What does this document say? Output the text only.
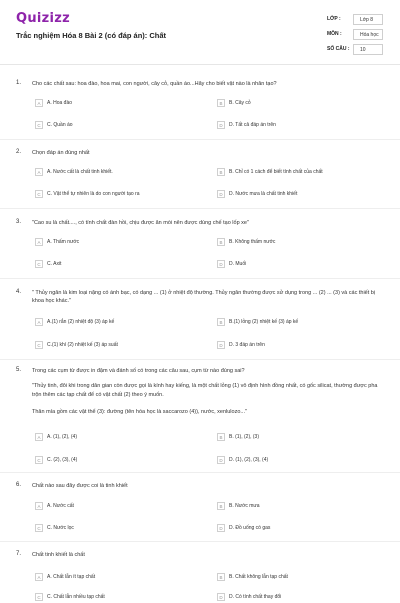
Quizizz
Trắc nghiệm Hóa 8 Bài 2 (có đáp án): Chất
LỚP :	Lớp 8
MÔN :	Hóa học
SỐ CÂU :	10
1. Cho các chất sau: hoa đào, hoa mai, con người, cây cỏ, quần áo...Hãy cho biết vật nào là nhân tạo?
A	A. Hoa đào	B	B. Cây cỏ
C	C. Quần áo	D	D. Tất cả đáp án trên
2. Chọn đáp án đúng nhất
A	A. Nước cất là chất tinh khiết.	B	B. Chỉ có 1 cách để biết tính chất của chất
C	C. Vật thể tự nhiên là do con người tạo ra	D	D. Nước mưa là chất tinh khiết
3. "Cao su là chất...., có tính chất đàn hồi, chịu được ăn mòi nên được dùng chế tạo lốp xe"
A	A. Thấm nước	B	B. Không thấm nước
C	C. Axit	D	D. Muối
4. " Thủy ngân là kim loại nặng có ánh bạc, có dạng ... (1) ở nhiệt độ thường. Thủy ngân thường được sử dụng trong ... (2) ... (3) và các thiết bị khoa học khác."
A	A.(1) rắn (2) nhiệt độ (3) áp kế	B	B.(1) lỏng (2) nhiệt kế (3) áp kế
C	C.(1) khí (2) nhiệt kế (3) áp suất	D	D. 3 đáp án trên
5. Trong các cụm từ được in đậm và đánh số có trong các câu sau, cụm từ nào đúng sai?
"Thủy tinh, đôi khi trong dân gian còn được gọi là kính hay kiếng, là một chất lỏng (1) vô định hình đồng nhất, có gốc silicat, thường được pha trộn thêm các tạp chất để có vật chất (2) theo ý muốn.
Thân mía gồm các vật thể (3): đường (tên hóa học là saccarozo (4)), nước, xenlulozo..."
A	A. (1), (2), (4)	B	B. (1), (2), (3)
C	C. (2), (3), (4)	D	D. (1), (2), (3), (4)
6. Chất nào sau đây được coi là tinh khiết
A	A. Nước cất	B	B. Nước mưa
C	C. Nước lọc	D	D. Đồ uống có gas
7. Chất tinh khiết là chất
A	A. Chất lẫn ít tạp chất	B	B. Chất không lẫn tạp chất
C	C. Chất lẫn nhiều tạp chất	D	D. Có tính chất thay đổi
